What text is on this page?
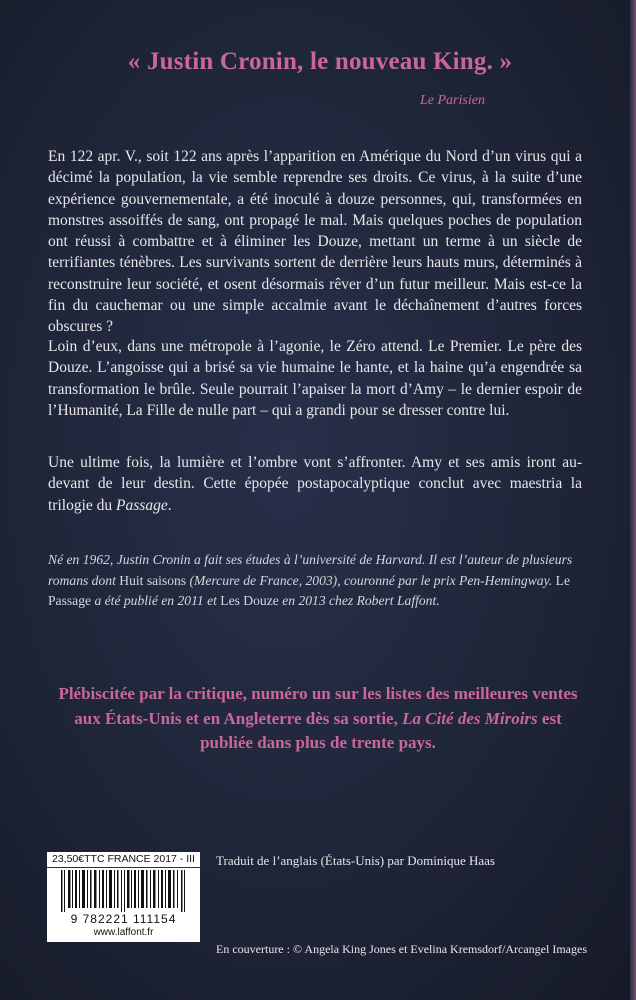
« Justin Cronin, le nouveau King. »
Le Parisien

En 122 apr. V., soit 122 ans après l’apparition en Amérique du Nord d’un virus qui a décimé la population, la vie semble reprendre ses droits. Ce virus, à la suite d’une expérience gouvernementale, a été inoculé à douze personnes, qui, transformées en monstres assoiffés de sang, ont propagé le mal. Mais quelques poches de population ont réussi à combattre et à éliminer les Douze, mettant un terme à un siècle de terrifiantes ténèbres. Les survivants sortent de derrière leurs hauts murs, déterminés à reconstruire leur société, et osent désormais rêver d’un futur meilleur. Mais est-ce la fin du cauchemar ou une simple accalmie avant le déchaînement d’autres forces obscures ?

Loin d’eux, dans une métropole à l’agonie, le Zéro attend. Le Premier. Le père des Douze. L’angoisse qui a brisé sa vie humaine le hante, et la haine qu’a engendrée sa transformation le brûle. Seule pourrait l’apaiser la mort d’Amy – le dernier espoir de l’Humanité, La Fille de nulle part – qui a grandi pour se dresser contre lui.

Une ultime fois, la lumière et l’ombre vont s’affronter. Amy et ses amis iront au-devant de leur destin. Cette épopée postapocalyptique conclut avec maestria la trilogie du Passage.

Né en 1962, Justin Cronin a fait ses études à l’université de Harvard. Il est l’auteur de plusieurs romans dont Huit saisons (Mercure de France, 2003), couronné par le prix Pen-Hemingway. Le Passage a été publié en 2011 et Les Douze en 2013 chez Robert Laffont.

Plébiscitée par la critique, numéro un sur les listes des meilleures ventes aux États-Unis et en Angleterre dès sa sortie, La Cité des Miroirs est publiée dans plus de trente pays.
23,50€TTC FRANCE 2017 - III
9 782221 111154
www.laffont.fr
Traduit de l’anglais (États-Unis) par Dominique Haas
En couverture : © Angela King Jones et Evelina Kremsdorf/Arcangel Images
